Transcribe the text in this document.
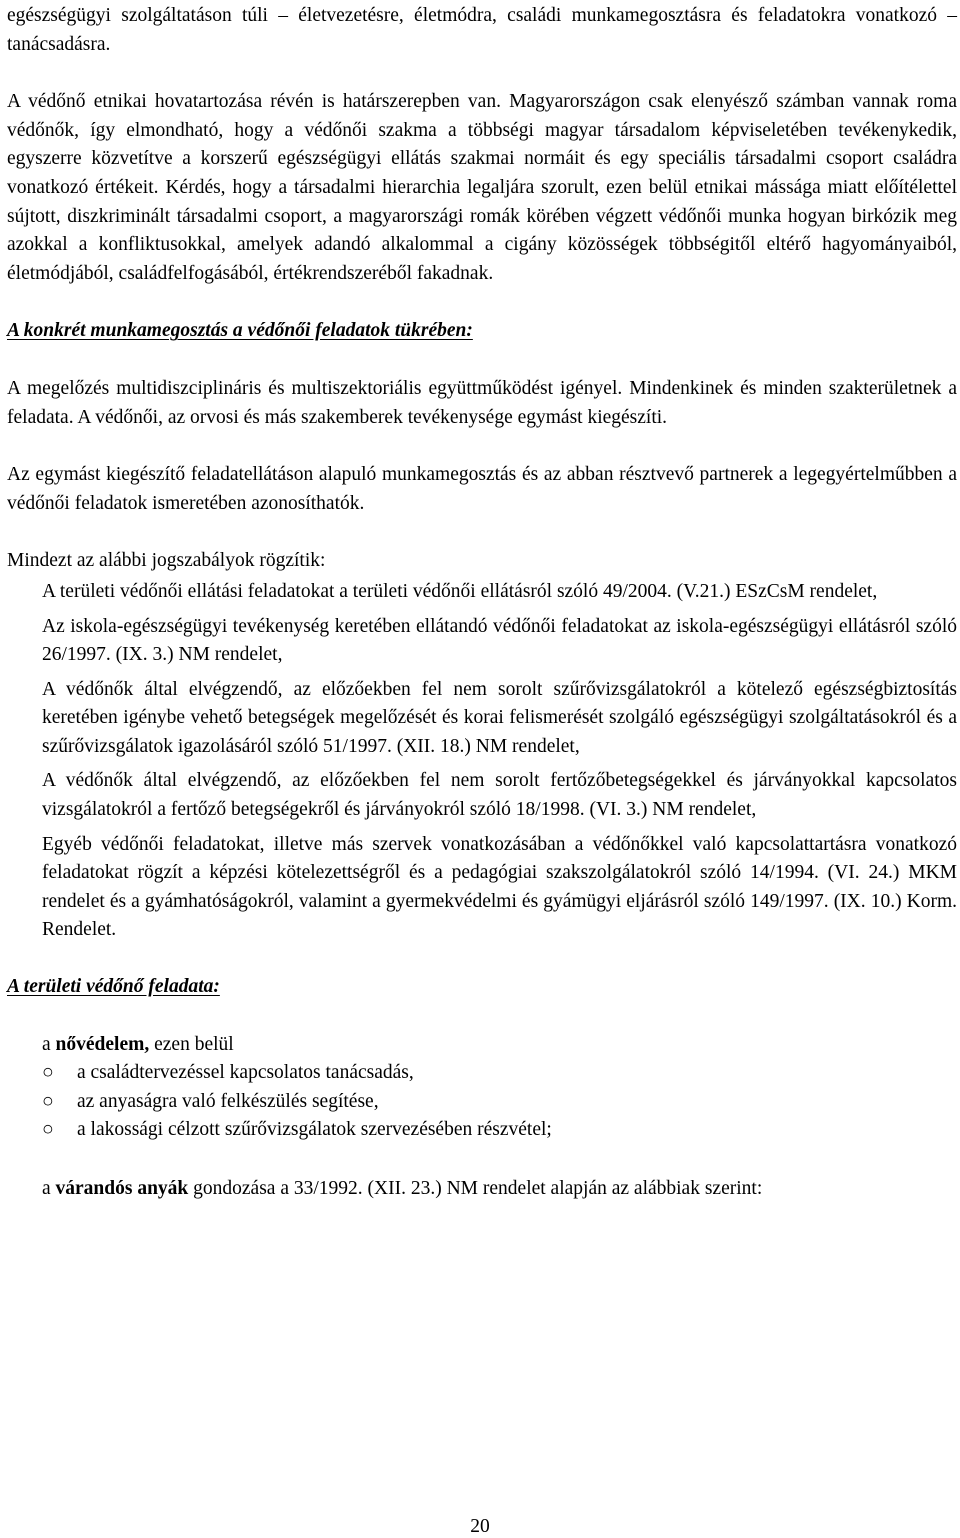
egészségügyi szolgáltatáson túli – életvezetésre, életmódra, családi munkamegosztásra és feladatokra vonatkozó – tanácsadásra.

A védőnő etnikai hovatartozása révén is határszerepben van. Magyarországon csak elenyésző számban vannak roma védőnők, így elmondható, hogy a védőnői szakma a többségi magyar társadalom képviseletében tevékenykedik, egyszerre közvetítve a korszerű egészségügyi ellátás szakmai normáit és egy speciális társadalmi csoport családra vonatkozó értékeit. Kérdés, hogy a társadalmi hierarchia legaljára szorult, ezen belül etnikai mássága miatt előítélettel sújtott, diszkriminált társadalmi csoport, a magyarországi romák körében végzett védőnői munka hogyan birkózik meg azokkal a konfliktusokkal, amelyek adandó alkalommal a cigány közösségek többségitől eltérő hagyományaiból, életmódjából, családfelfogásából, értékrendszeréből fakadnak.

A konkrét munkamegosztás a védőnői feladatok tükrében:

A megelőzés multidiszciplináris és multiszektoriális együttműködést igényel. Mindenkinek és minden szakterületnek a feladata. A védőnői, az orvosi és más szakemberek tevékenysége egymást kiegészíti.

Az egymást kiegészítő feladatellátáson alapuló munkamegosztás és az abban résztvevő partnerek a legegyértelműbben a védőnői feladatok ismeretében azonosíthatók.

Mindezt az alábbi jogszabályok rögzítik:

A területi védőnői ellátási feladatokat a területi védőnői ellátásról szóló 49/2004. (V.21.) ESzCsM rendelet,

Az iskola-egészségügyi tevékenység keretében ellátandó védőnői feladatokat az iskola-egészségügyi ellátásról szóló 26/1997. (IX. 3.) NM rendelet,

A védőnők által elvégzendő, az előzőekben fel nem sorolt szűrővizsgálatokról a kötelező egészségbiztosítás keretében igénybe vehető betegségek megelőzését és korai felismerését szolgáló egészségügyi szolgáltatásokról és a szűrővizsgálatok igazolásáról szóló 51/1997. (XII. 18.) NM rendelet,

A védőnők által elvégzendő, az előzőekben fel nem sorolt fertőzőbetegségekkel és járványokkal kapcsolatos vizsgálatokról a fertőző betegségekről és járványokról szóló 18/1998. (VI. 3.) NM rendelet,

Egyéb védőnői feladatokat, illetve más szervek vonatkozásában a védőnőkkel való kapcsolattartásra vonatkozó feladatokat rögzít a képzési kötelezettségről és a pedagógiai szakszolgálatokról szóló 14/1994. (VI. 24.) MKM rendelet és a gyámhatóságokról, valamint a gyermekvédelmi és gyámügyi eljárásról szóló 149/1997. (IX. 10.) Korm. Rendelet.

A területi védőnő feladata:

a nővédelem, ezen belül

○ a családtervezéssel kapcsolatos tanácsadás,
○ az anyaságra való felkészülés segítése,
○ a lakossági célzott szűrővizsgálatok szervezésében részvétel;

a várandós anyák gondozása a 33/1992. (XII. 23.) NM rendelet alapján az alábbiak szerint:

20
